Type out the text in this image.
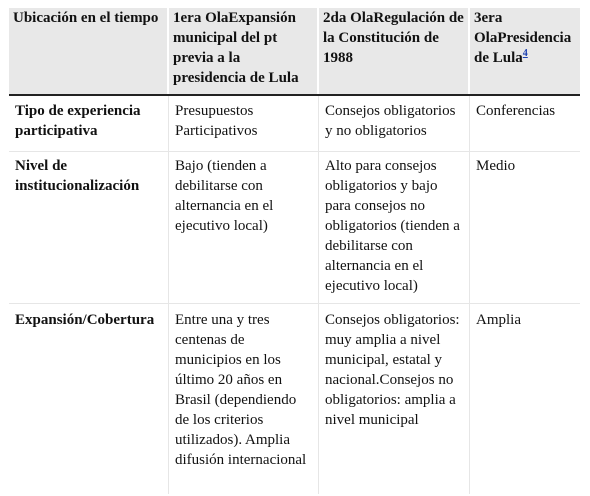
Ubicación en el tiempo 1era OlaExpansión municipal del pt previa a la presidencia de Lula
2da OlaRegulación de la Constitución de 1988
3era OlaPresidencia de Lula$^4$
Tipo de experiencia participativa
Presupuestos Participativos
Consejos obligatorios y no obligatorios
Conferencias
Nivel de institucionalización
Bajo (tienden a debilitarse con alternancia en el ejecutivo local)
Alto para consejos obligatorios y bajo para consejos no obligatorios (tienden a debilitarse con alternancia en el ejecutivo local)
Medio
Expansión/Cobertura	Entre una y tres centenas de municipios en los último 20 años en Brasil (dependiendo de los criterios utilizados). Amplia difusión internacional
Consejos obligatorios: muy amplia a nivel municipal, estatal y nacional.Consejos no obligatorios: amplia a nivel municipal
Amplia
